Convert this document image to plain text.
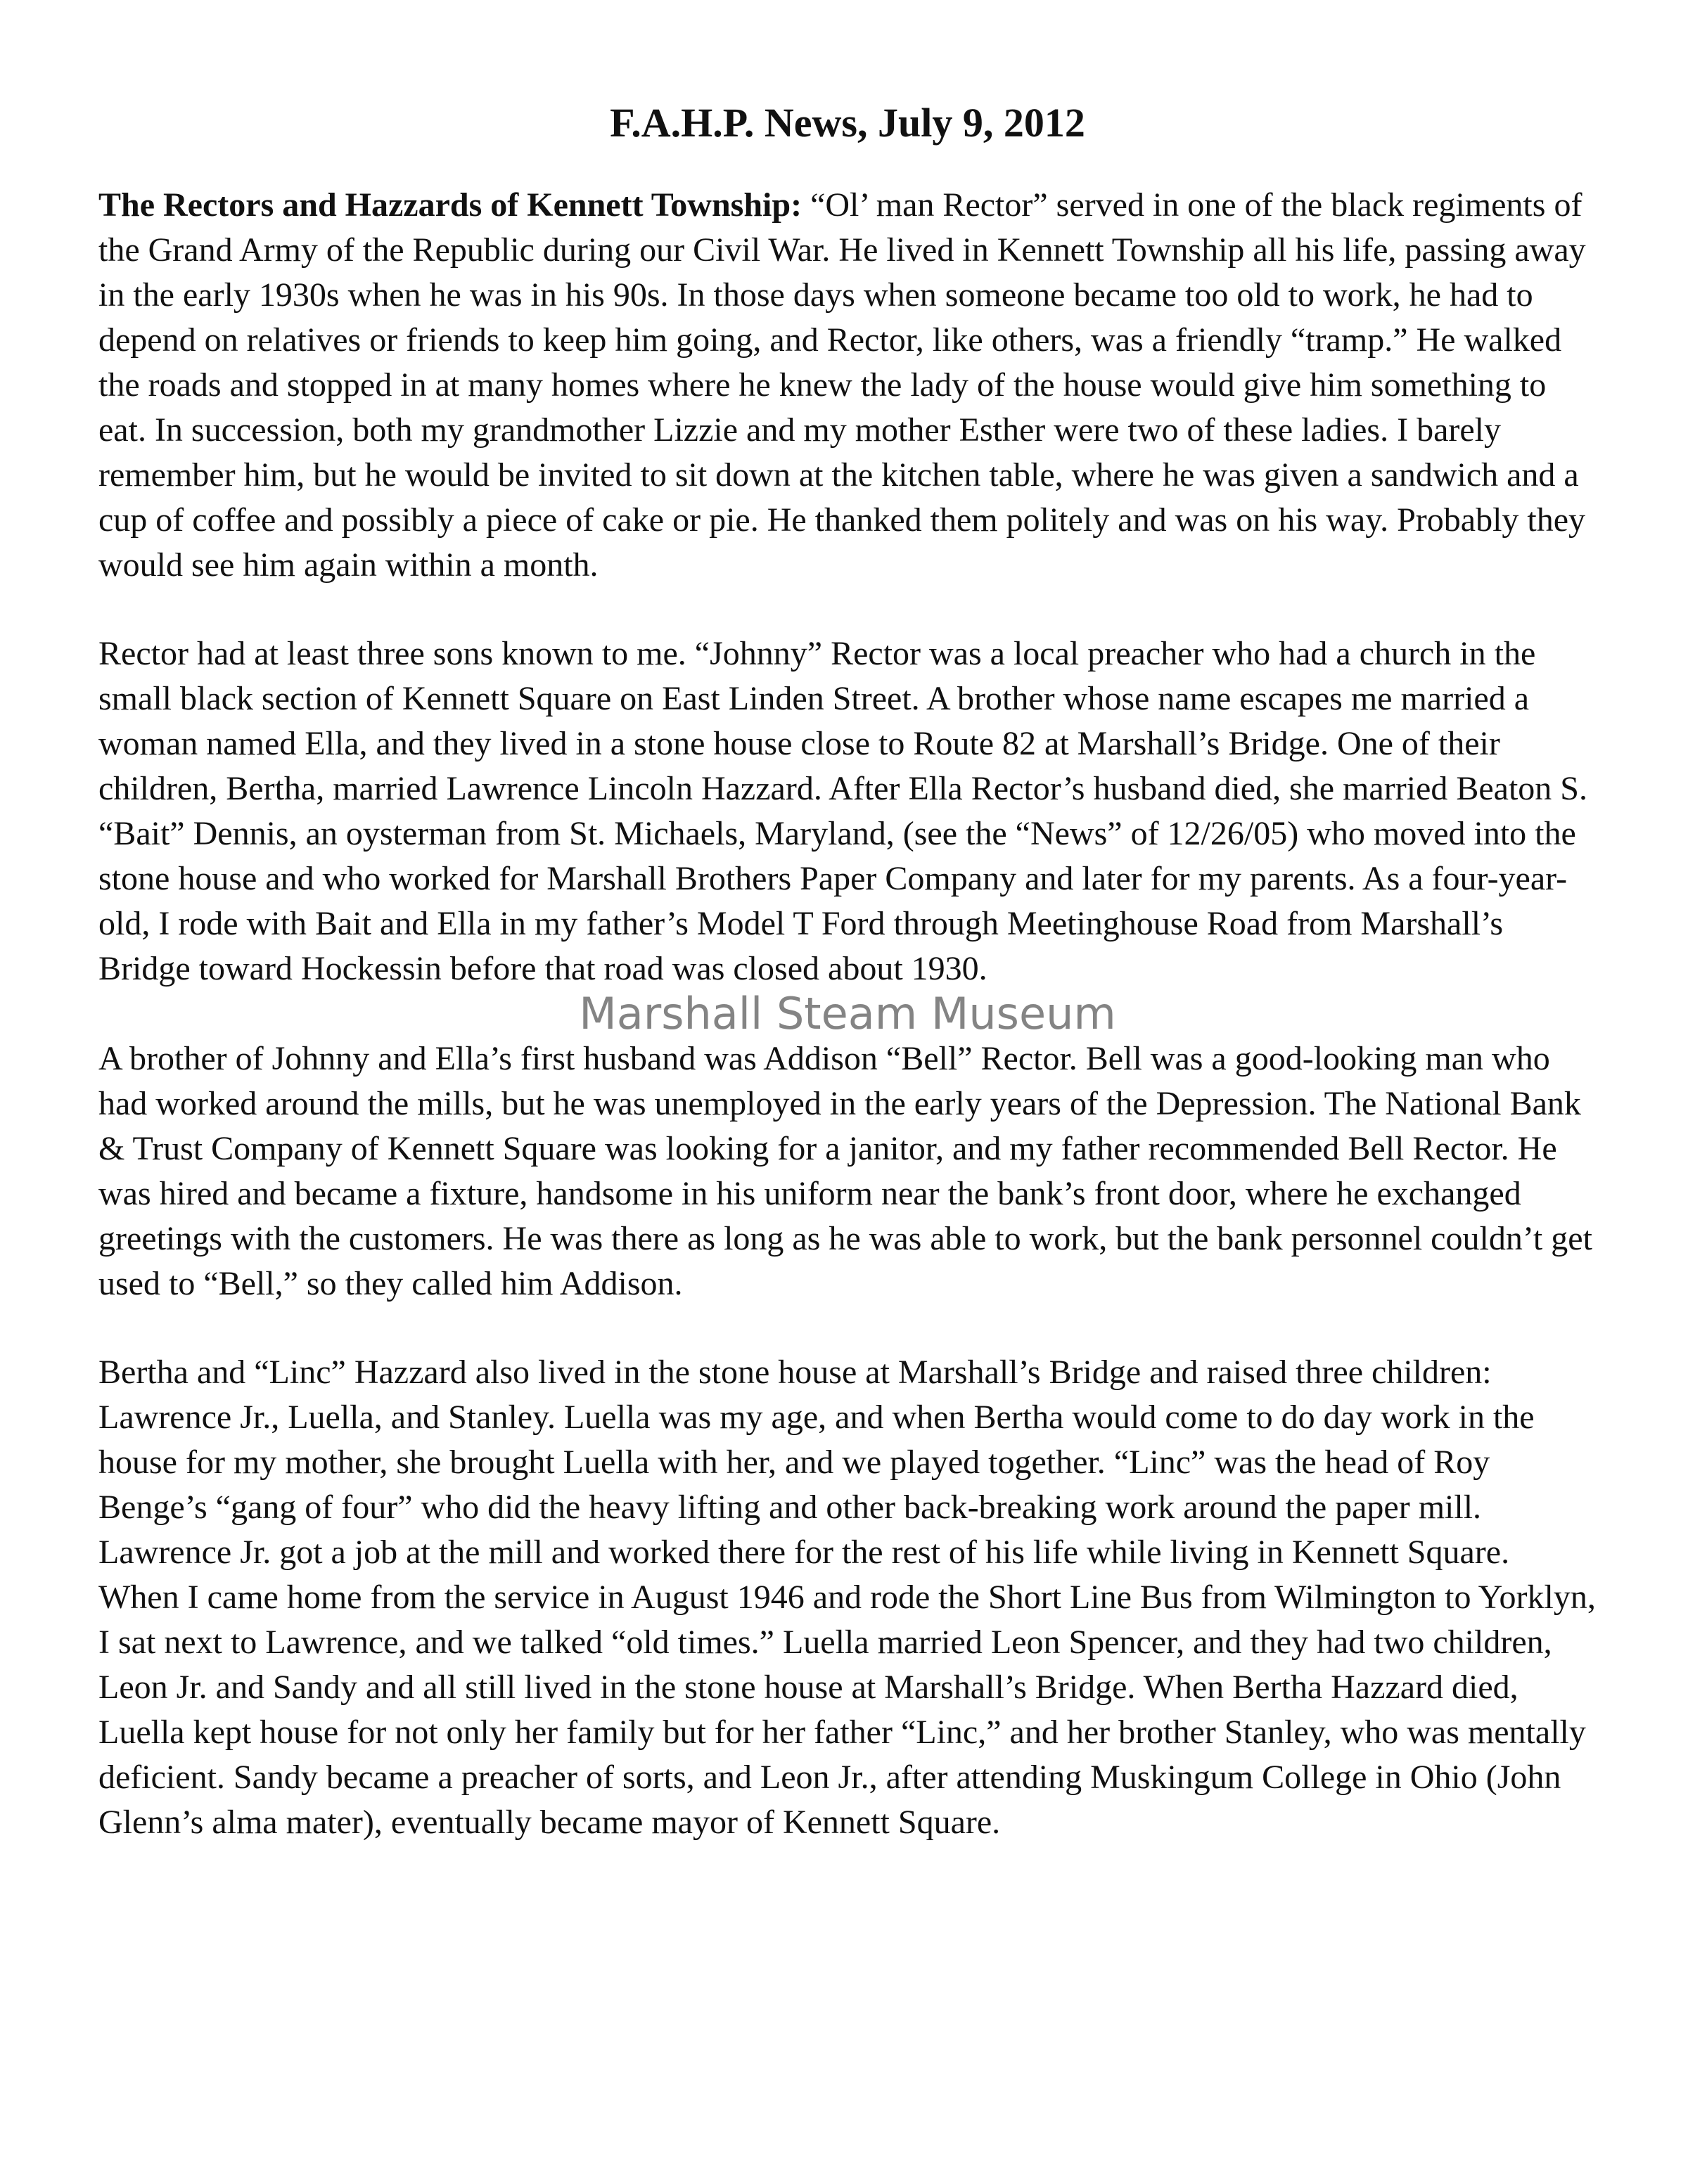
F.A.H.P. News, July 9, 2012

The Rectors and Hazzards of Kennett Township: “Ol’ man Rector” served in one of the black regiments of the Grand Army of the Republic during our Civil War. He lived in Kennett Township all his life, passing away in the early 1930s when he was in his 90s. In those days when someone became too old to work, he had to depend on relatives or friends to keep him going, and Rector, like others, was a friendly “tramp.” He walked the roads and stopped in at many homes where he knew the lady of the house would give him something to eat. In succession, both my grandmother Lizzie and my mother Esther were two of these ladies. I barely remember him, but he would be invited to sit down at the kitchen table, where he was given a sandwich and a cup of coffee and possibly a piece of cake or pie. He thanked them politely and was on his way. Probably they would see him again within a month.

Rector had at least three sons known to me. “Johnny” Rector was a local preacher who had a church in the small black section of Kennett Square on East Linden Street. A brother whose name escapes me married a woman named Ella, and they lived in a stone house close to Route 82 at Marshall’s Bridge. One of their children, Bertha, married Lawrence Lincoln Hazzard. After Ella Rector’s husband died, she married Beaton S. “Bait” Dennis, an oysterman from St. Michaels, Maryland, (see the “News” of 12/26/05) who moved into the stone house and who worked for Marshall Brothers Paper Company and later for my parents. As a four-year-old, I rode with Bait and Ella in my father’s Model T Ford through Meetinghouse Road from Marshall’s Bridge toward Hockessin before that road was closed about 1930.

Marshall Steam Museum

A brother of Johnny and Ella’s first husband was Addison “Bell” Rector. Bell was a good-looking man who had worked around the mills, but he was unemployed in the early years of the Depression. The National Bank & Trust Company of Kennett Square was looking for a janitor, and my father recommended Bell Rector. He was hired and became a fixture, handsome in his uniform near the bank’s front door, where he exchanged greetings with the customers. He was there as long as he was able to work, but the bank personnel couldn’t get used to “Bell,” so they called him Addison.

Bertha and “Linc” Hazzard also lived in the stone house at Marshall’s Bridge and raised three children: Lawrence Jr., Luella, and Stanley. Luella was my age, and when Bertha would come to do day work in the house for my mother, she brought Luella with her, and we played together. “Linc” was the head of Roy Benge’s “gang of four” who did the heavy lifting and other back-breaking work around the paper mill. Lawrence Jr. got a job at the mill and worked there for the rest of his life while living in Kennett Square. When I came home from the service in August 1946 and rode the Short Line Bus from Wilmington to Yorklyn, I sat next to Lawrence, and we talked “old times.” Luella married Leon Spencer, and they had two children, Leon Jr. and Sandy and all still lived in the stone house at Marshall’s Bridge. When Bertha Hazzard died, Luella kept house for not only her family but for her father “Linc,” and her brother Stanley, who was mentally deficient. Sandy became a preacher of sorts, and Leon Jr., after attending Muskingum College in Ohio (John Glenn’s alma mater), eventually became mayor of Kennett Square.
